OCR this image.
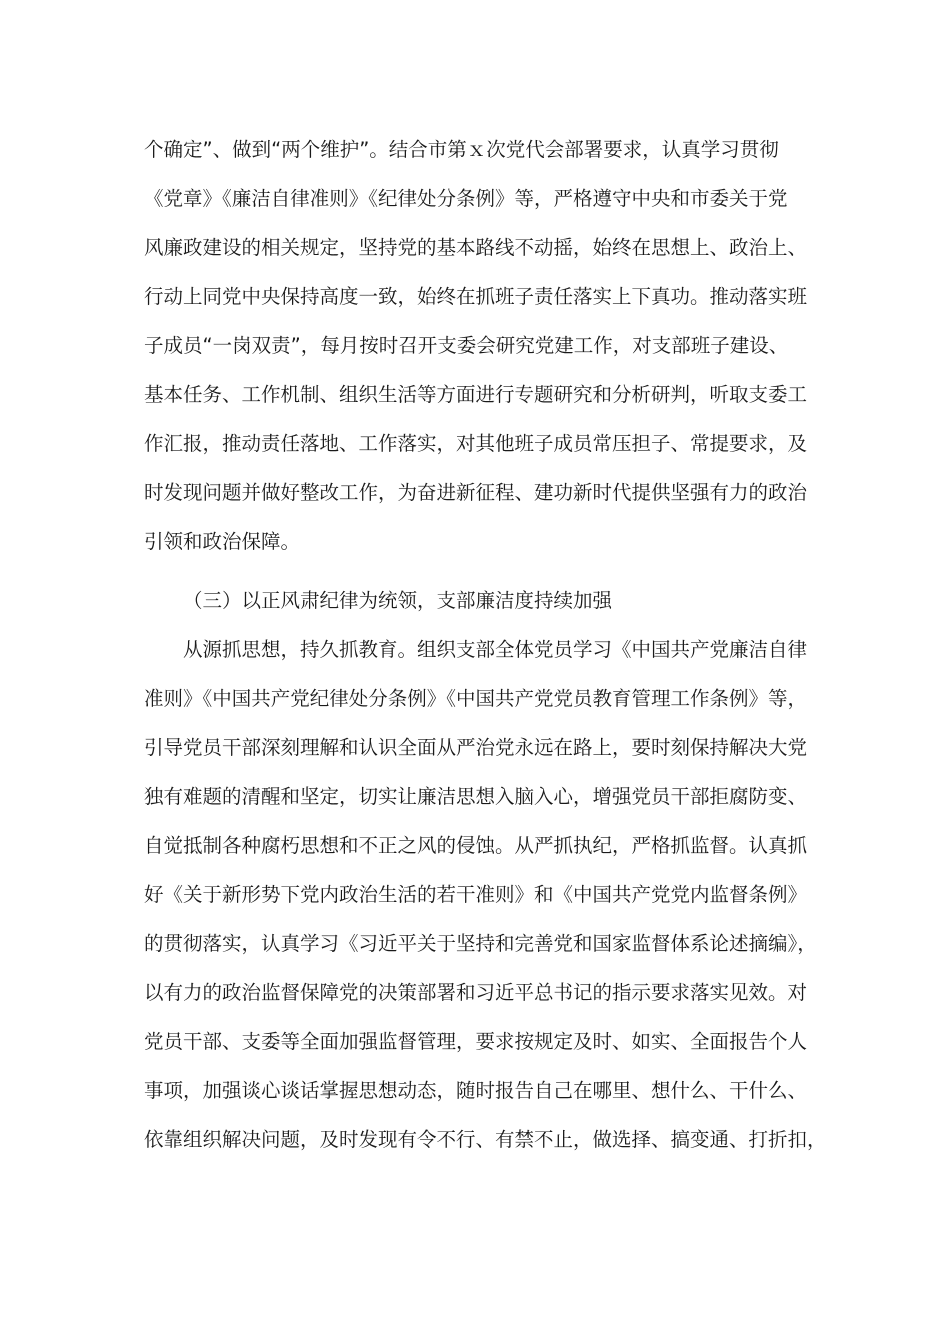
个确定”、做到“两个维护”。结合市第ｘ次党代会部署要求，认真学习贯彻
《党章》《廉洁自律准则》《纪律处分条例》等，严格遵守中央和市委关于党
风廉政建设的相关规定，坚持党的基本路线不动摇，始终在思想上、政治上、
行动上同党中央保持高度一致，始终在抓班子责任落实上下真功。推动落实班
子成员“一岗双责”，每月按时召开支委会研究党建工作，对支部班子建设、
基本任务、工作机制、组织生活等方面进行专题研究和分析研判，听取支委工
作汇报，推动责任落地、工作落实，对其他班子成员常压担子、常提要求，及
时发现问题并做好整改工作，为奋进新征程、建功新时代提供坚强有力的政治
引领和政治保障。
（三）以正风肃纪律为统领，支部廉洁度持续加强
从源抓思想，持久抓教育。组织支部全体党员学习《中国共产党廉洁自律
准则》《中国共产党纪律处分条例》《中国共产党党员教育管理工作条例》等，
引导党员干部深刻理解和认识全面从严治党永远在路上，要时刻保持解决大党
独有难题的清醒和坚定，切实让廉洁思想入脑入心，增强党员干部拒腐防变、
自觉抵制各种腐朽思想和不正之风的侵蚀。从严抓执纪，严格抓监督。认真抓
好《关于新形势下党内政治生活的若干准则》和《中国共产党党内监督条例》
的贯彻落实，认真学习《习近平关于坚持和完善党和国家监督体系论述摘编》，
以有力的政治监督保障党的决策部署和习近平总书记的指示要求落实见效。对
党员干部、支委等全面加强监督管理，要求按规定及时、如实、全面报告个人
事项，加强谈心谈话掌握思想动态，随时报告自己在哪里、想什么、干什么、
依靠组织解决问题，及时发现有令不行、有禁不止，做选择、搞变通、打折扣，
